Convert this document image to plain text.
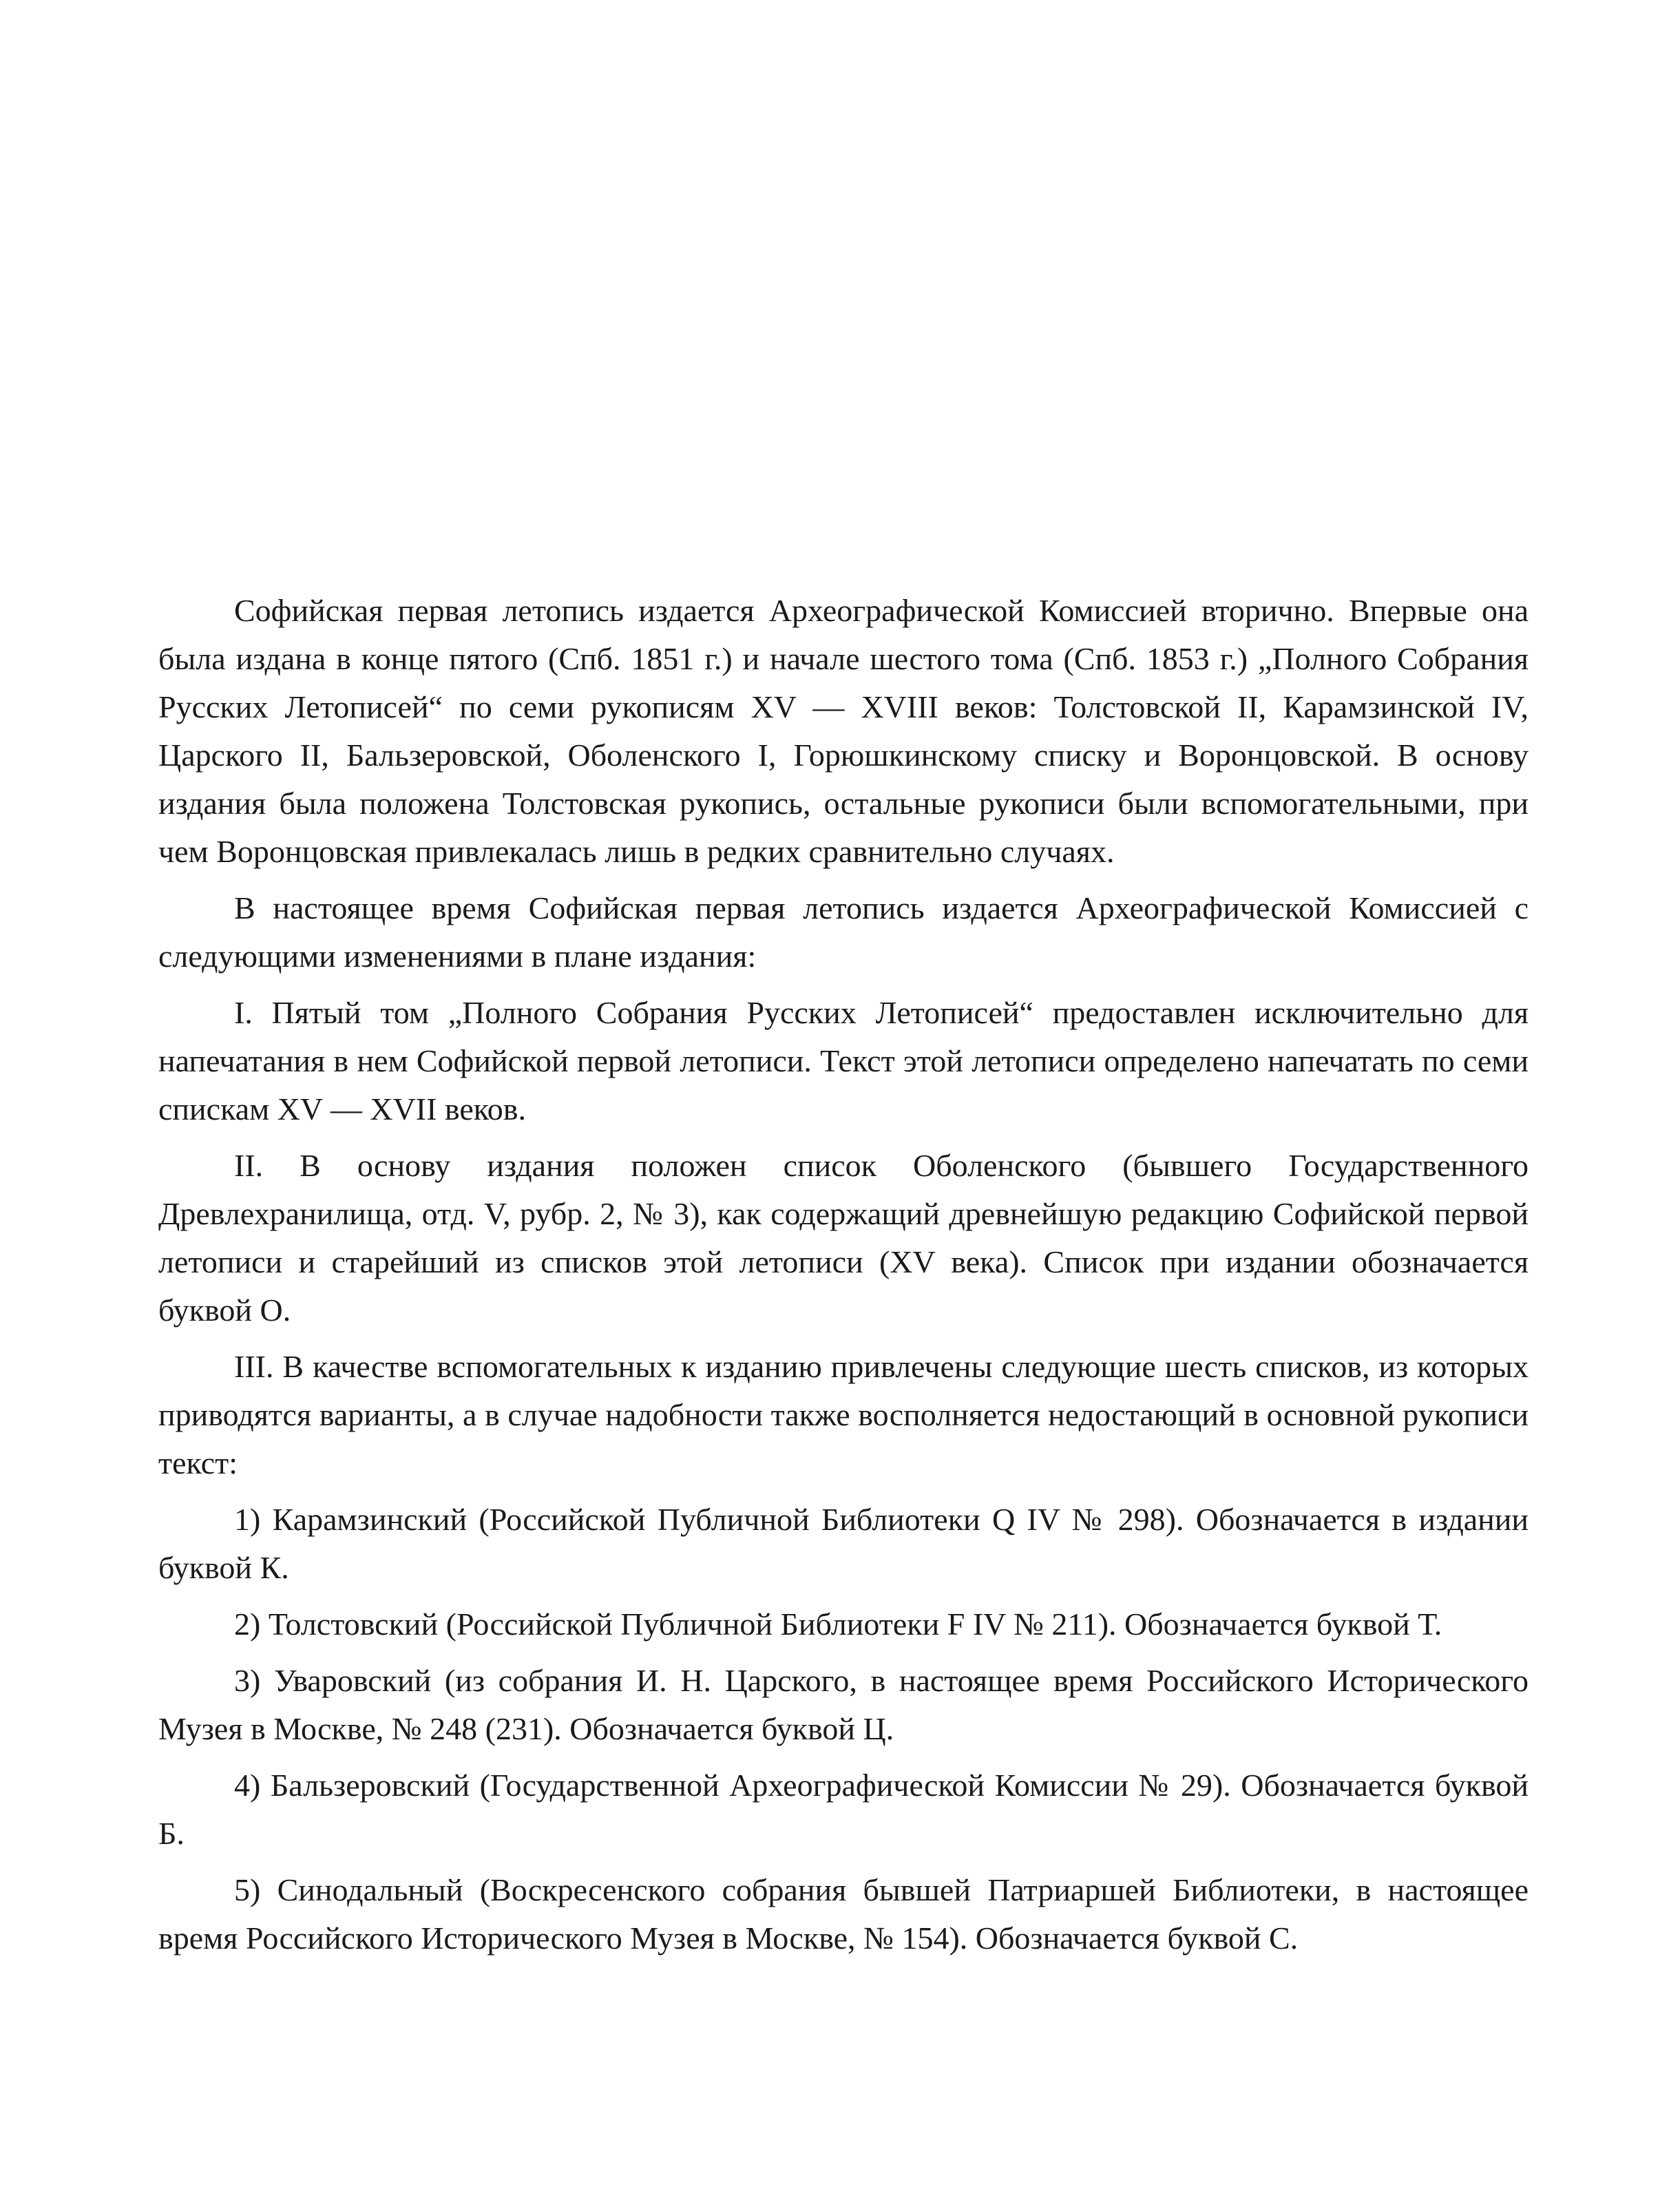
Софийская первая летопись издается Археографической Комиссией вторично. Впервые она была издана в конце пятого (Спб. 1851 г.) и начале шестого тома (Спб. 1853 г.) „Полного Собрания Русских Летописей“ по семи рукописям XV — XVIII веков: Толстовской II, Карамзинской IV, Царского II, Бальзеровской, Оболенского I, Горюшкинскому списку и Воронцовской. В основу издания была положена Толстовская рукопись, остальные рукописи были вспомогательными, при чем Воронцовская привлекалась лишь в редких сравнительно случаях.

В настоящее время Софийская первая летопись издается Археографической Комиссией с следующими изменениями в плане издания:

I. Пятый том „Полного Собрания Русских Летописей“ предоставлен исключительно для напечатания в нем Софийской первой летописи. Текст этой летописи определено напечатать по семи спискам XV — XVII веков.

II. В основу издания положен список Оболенского (бывшего Государственного Древлехранилища, отд. V, рубр. 2, № 3), как содержащий древнейшую редакцию Софийской первой летописи и старейший из списков этой летописи (XV века). Список при издании обозначается буквой О.

III. В качестве вспомогательных к изданию привлечены следующие шесть списков, из которых приводятся варианты, а в случае надобности также восполняется недостающий в основной рукописи текст:

1) Карамзинский (Российской Публичной Библиотеки Q IV № 298). Обозначается в издании буквой К.

2) Толстовский (Российской Публичной Библиотеки F IV № 211). Обозначается буквой Т.

3) Уваровский (из собрания И. Н. Царского, в настоящее время Российского Исторического Музея в Москве, № 248 (231). Обозначается буквой Ц.

4) Бальзеровский (Государственной Археографической Комиссии № 29). Обозначается буквой Б.

5) Синодальный (Воскресенского собрания бывшей Патриаршей Библиотеки, в настоящее время Российского Исторического Музея в Москве, № 154). Обозначается буквой С.
